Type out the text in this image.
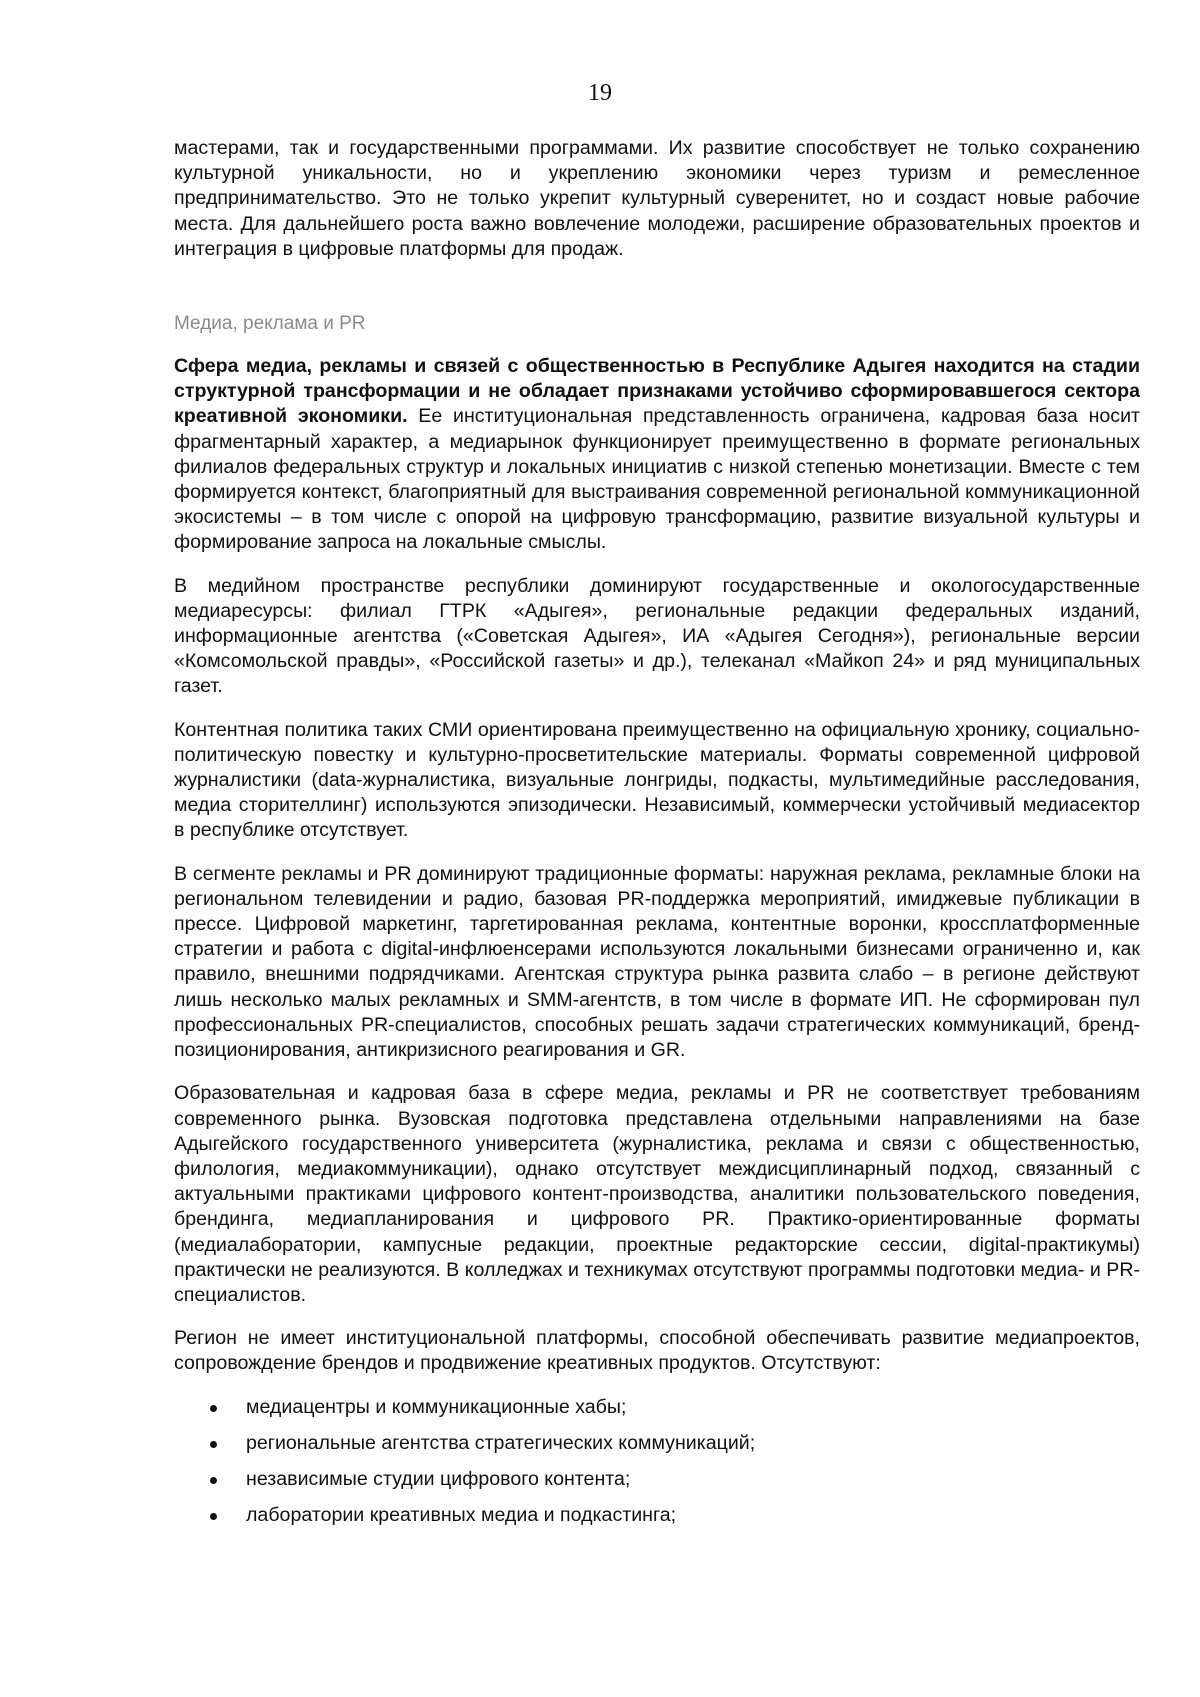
19

мастерами, так и государственными программами. Их развитие способствует не только сохранению культурной уникальности, но и укреплению экономики через туризм и ремесленное предпринимательство. Это не только укрепит культурный суверенитет, но и создаст новые рабочие места. Для дальнейшего роста важно вовлечение молодежи, расширение образовательных проектов и интеграция в цифровые платформы для продаж.

Медиа, реклама и PR

Сфера медиа, рекламы и связей с общественностью в Республике Адыгея находится на стадии структурной трансформации и не обладает признаками устойчиво сформировавшегося сектора креативной экономики. Ее институциональная представленность ограничена, кадровая база носит фрагментарный характер, а медиарынок функционирует преимущественно в формате региональных филиалов федеральных структур и локальных инициатив с низкой степенью монетизации. Вместе с тем формируется контекст, благоприятный для выстраивания современной региональной коммуникационной экосистемы – в том числе с опорой на цифровую трансформацию, развитие визуальной культуры и формирование запроса на локальные смыслы.

В медийном пространстве республики доминируют государственные и окологосударственные медиаресурсы: филиал ГТРК «Адыгея», региональные редакции федеральных изданий, информационные агентства («Советская Адыгея», ИА «Адыгея Сегодня»), региональные версии «Комсомольской правды», «Российской газеты» и др.), телеканал «Майкоп 24» и ряд муниципальных газет.

Контентная политика таких СМИ ориентирована преимущественно на официальную хронику, социально-политическую повестку и культурно-просветительские материалы. Форматы современной цифровой журналистики (data-журналистика, визуальные лонгриды, подкасты, мультимедийные расследования, медиа сторителлинг) используются эпизодически. Независимый, коммерчески устойчивый медиасектор в республике отсутствует.

В сегменте рекламы и PR доминируют традиционные форматы: наружная реклама, рекламные блоки на региональном телевидении и радио, базовая PR-поддержка мероприятий, имиджевые публикации в прессе. Цифровой маркетинг, таргетированная реклама, контентные воронки, кроссплатформенные стратегии и работа с digital-инфлюенсерами используются локальными бизнесами ограниченно и, как правило, внешними подрядчиками. Агентская структура рынка развита слабо – в регионе действуют лишь несколько малых рекламных и SMM-агентств, в том числе в формате ИП. Не сформирован пул профессиональных PR-специалистов, способных решать задачи стратегических коммуникаций, бренд-позиционирования, антикризисного реагирования и GR.

Образовательная и кадровая база в сфере медиа, рекламы и PR не соответствует требованиям современного рынка. Вузовская подготовка представлена отдельными направлениями на базе Адыгейского государственного университета (журналистика, реклама и связи с общественностью, филология, медиакоммуникации), однако отсутствует междисциплинарный подход, связанный с актуальными практиками цифрового контент-производства, аналитики пользовательского поведения, брендинга, медиапланирования и цифрового PR. Практико-ориентированные форматы (медиалаборатории, кампусные редакции, проектные редакторские сессии, digital-практикумы) практически не реализуются. В колледжах и техникумах отсутствуют программы подготовки медиа- и PR-специалистов.

Регион не имеет институциональной платформы, способной обеспечивать развитие медиапроектов, сопровождение брендов и продвижение креативных продуктов. Отсутствуют:

медиацентры и коммуникационные хабы;
региональные агентства стратегических коммуникаций;
независимые студии цифрового контента;
лаборатории креативных медиа и подкастинга;
